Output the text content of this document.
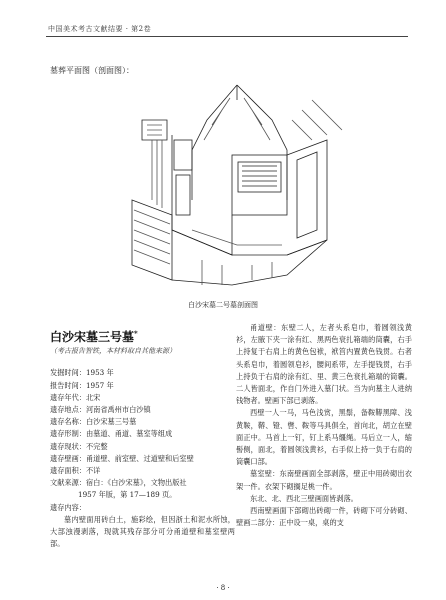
中国美术考古文献结要 · 第2卷
墓葬平面图（剖面图）：
白沙宋墓二号墓剖面图
白沙宋墓三号墓*
（考古报告智铁，本材料取自其他来源）
发掘时间： 1953 年
报告时间： 1957 年
遗存年代： 北宋
遗存地点： 河南省禹州市白沙镇
遗存名称： 白沙宋墓三号墓
遗存形制： 由墓道、甬道、墓室等组成
遗存现状： 不完整
遗存壁画： 甬道壁、前室壁、过道壁和后室壁
遗存面积： 不详
文献来源： 宿白：《白沙宋墓》，文物出版社
1957 年版，第 17—189 页。
遗存内容：
墓内壁面用砖白土，施彩绘，但因浙土和泥水所蚀，大部浊漫剥落，现就其残存部分可分甬道壁和墓室壁两部。
甬道壁：东壁二人，左者头系皂巾，着圆领浅黄衫，左腋下夹一涂有红、黑两色衰扎箱端的筒囊，右手上持复于右肩上的黄色包袱，袱筥内置黄色钱贯。右者头系皂巾，着圆领皂衫，腰间系带，左手提钱贯，右手上持负于右肩的涂有红、里、黄三色衰扎箱端的筒囊。二人皆面北，作自门外进入墓门状。当为向墓主人进纳钱物者。壁画下部已剥落。
西壁一人一马，马色浅赏，黑鬃，备鞍鞯黑障、浅黄鞍，鞯、镫、辔、鞍等马具俱全，首向北，胡立在壁面正中。马首上一钉，钉上系马缰绳。马后立一人，缩髻侧，面北，着圆领浅黄衫，右手似上持一负于右肩的筒囊口部。
墓室壁：东南壁画面全部剥落，壁正中用砖砌出衣架一件。衣架下砌搁足桃一件。
东北、北、西北三壁画面皆剥落。
西南壁画面下部砌出砖砌一件，砖砌下可分砖砌、壁画二部分：正中设一桌，桌的支
· 8 ·
